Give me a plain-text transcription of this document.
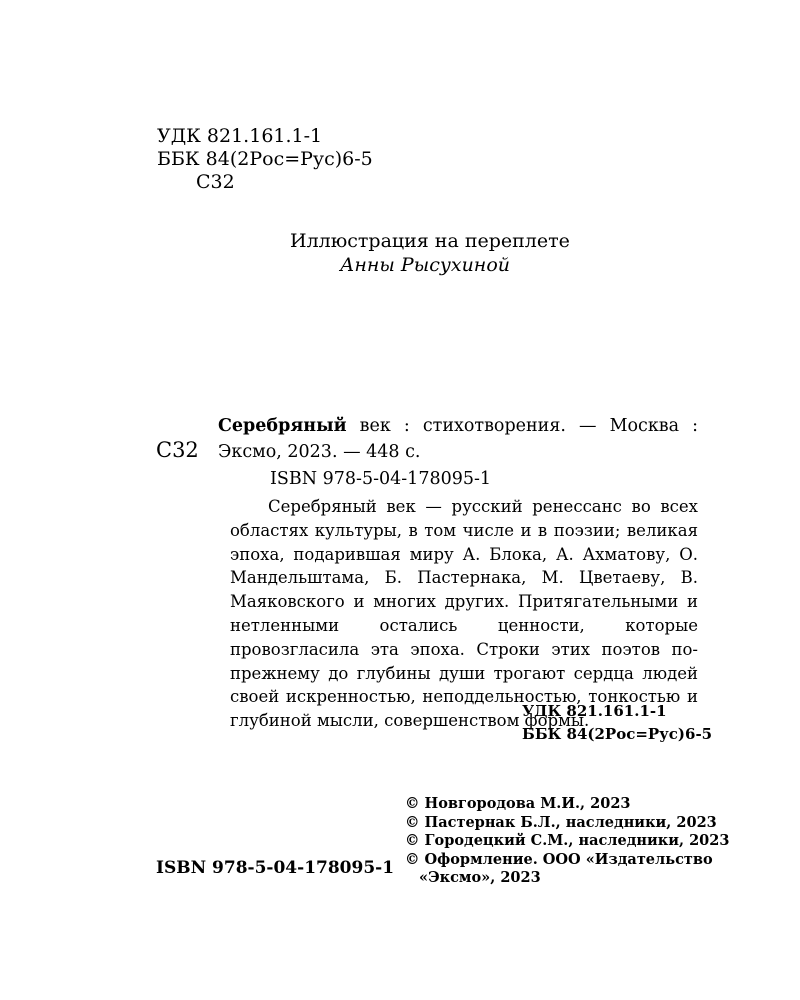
УДК 821.161.1-1
ББК 84(2Рос=Рус)6-5
С32
Иллюстрация на переплете
Анны Рысухиной
С32
Серебряный век : стихотворения. — Москва : Эксмо, 2023. — 448 с.
ISBN 978-5-04-178095-1
Серебряный век — русский ренессанс во всех областях культуры, в том числе и в поэзии; великая эпоха, подарившая миру А. Блока, А. Ахматову, О. Мандельштама, Б. Пастернака, М. Цветаеву, В. Маяковского и многих других. Притягательными и нетленными остались ценности, которые провозгласила эта эпоха. Строки этих поэтов по-прежнему до глубины души трогают сердца людей своей искренностью, неподдельностью, тонкостью и глубиной мысли, совершенством формы.
УДК 821.161.1-1
ББК 84(2Рос=Рус)6-5
© Новгородова М.И., 2023
© Пастернак Б.Л., наследники, 2023
© Городецкий С.М., наследники, 2023
© Оформление. ООО «Издательство
«Эксмо», 2023
ISBN 978-5-04-178095-1
